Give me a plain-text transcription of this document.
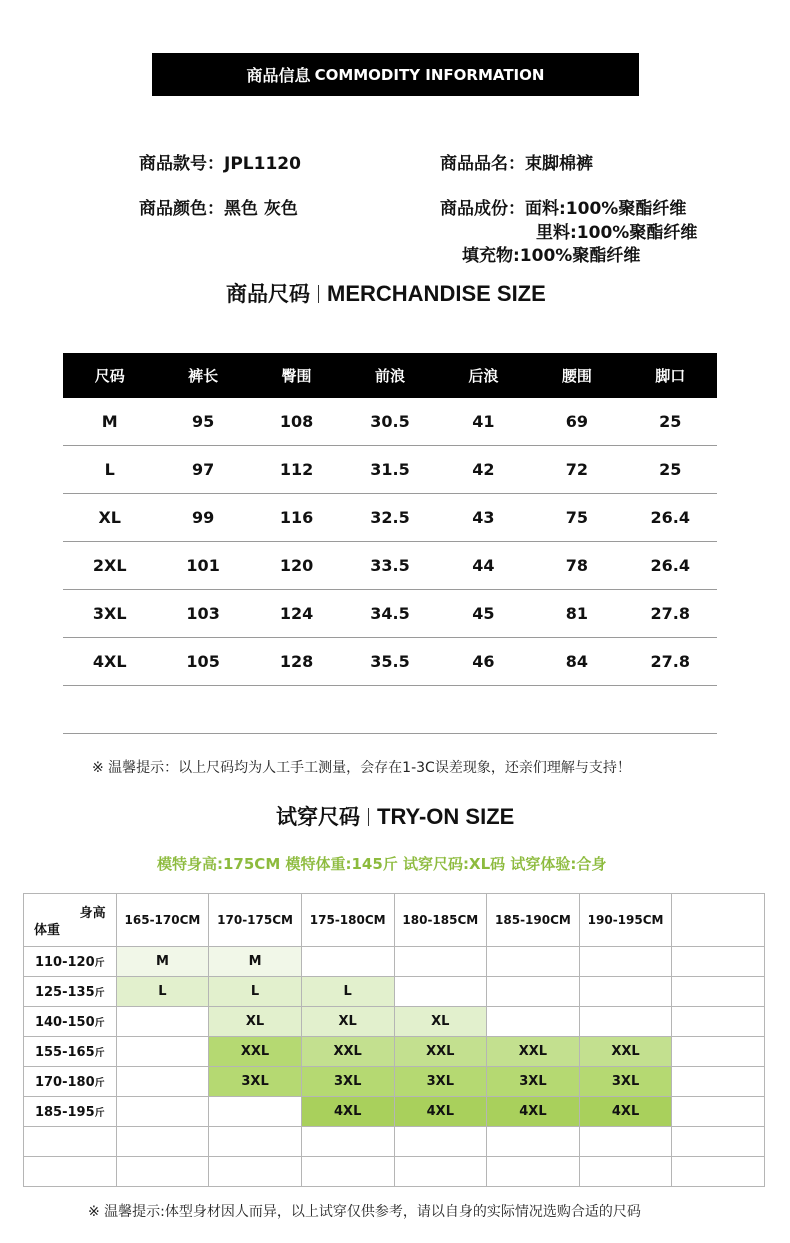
商品信息 COMMODITY INFORMATION
商品款号：JPL1120	商品品名：束脚棉裤
商品颜色：黑色 灰色	商品成份：面料:100%聚酯纤维
里料:100%聚酯纤维
填充物:100%聚酯纤维
商品尺码 MERCHANDISE SIZE
尺码	裤长	臀围	前浪	后浪	腰围	脚口
M	95	108	30.5	41	69	25
L	97	112	31.5	42	72	25
XL	99	116	32.5	43	75	26.4
2XL	101	120	33.5	44	78	26.4
3XL	103	124	34.5	45	81	27.8
4XL	105	128	35.5	46	84	27.8

※ 温馨提示：以上尺码均为人工手工测量，会存在1-3C误差现象，还亲们理解与支持！
试穿尺码 TRY-ON SIZE
模特身高:175CM 模特体重:145斤 试穿尺码:XL码 试穿体验:合身
身高
体重	165-170CM	170-175CM	175-180CM	180-185CM	185-190CM	190-195CM	
110-120斤	M	M					
125-135斤	L	L	L				
140-150斤		XL	XL	XL			
155-165斤		XXL	XXL	XXL	XXL	XXL	
170-180斤		3XL	3XL	3XL	3XL	3XL	
185-195斤			4XL	4XL	4XL	4XL	

※ 温馨提示:体型身材因人而异，以上试穿仅供参考，请以自身的实际情况选购合适的尺码
